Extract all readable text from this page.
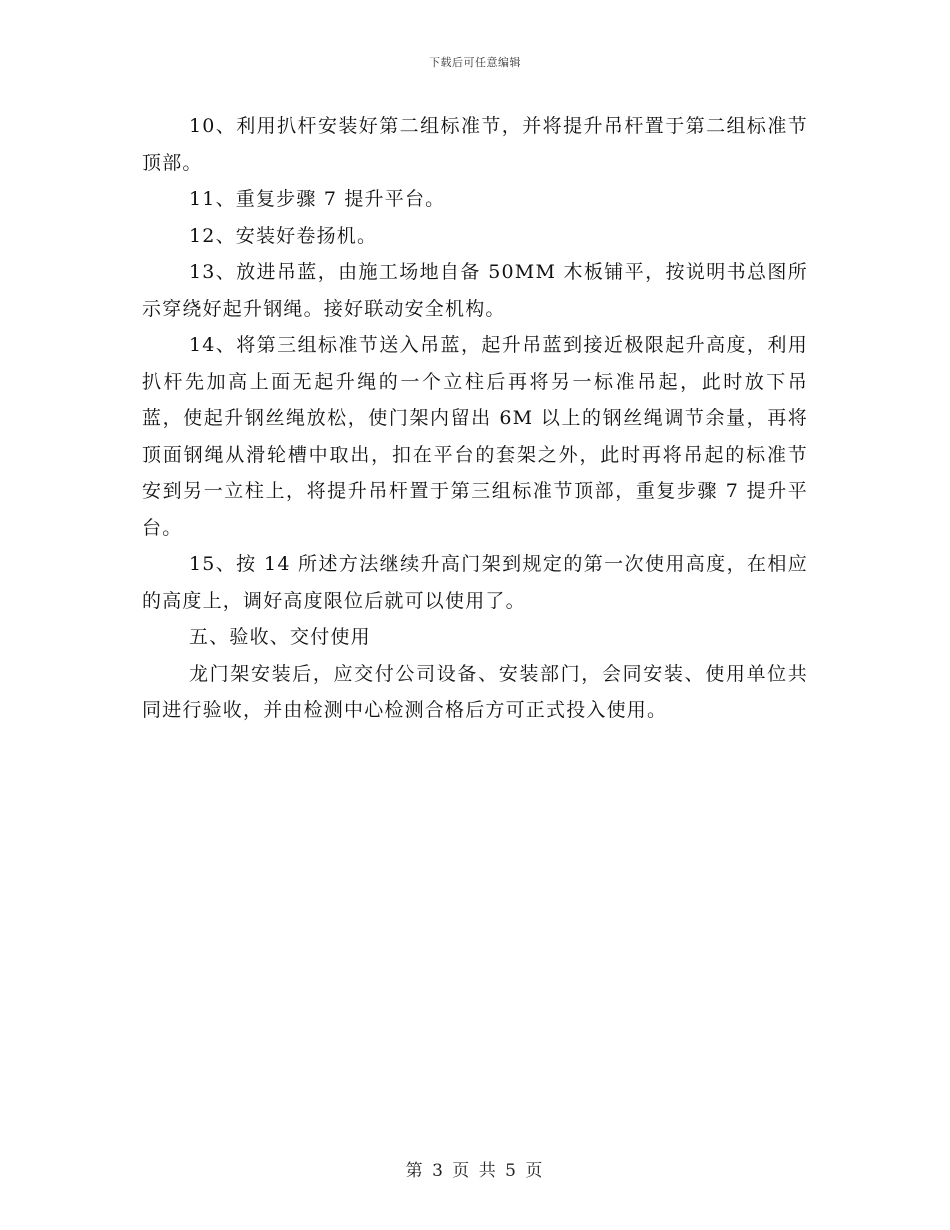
下载后可任意编辑

10、利用扒杆安装好第二组标准节，并将提升吊杆置于第二组标准节顶部。

11、重复步骤 7 提升平台。

12、安装好卷扬机。

13、放进吊蓝，由施工场地自备 50MM 木板铺平，按说明书总图所示穿绕好起升钢绳。接好联动安全机构。

14、将第三组标准节送入吊蓝，起升吊蓝到接近极限起升高度，利用扒杆先加高上面无起升绳的一个立柱后再将另一标准吊起，此时放下吊蓝，使起升钢丝绳放松，使门架内留出 6M 以上的钢丝绳调节余量，再将顶面钢绳从滑轮槽中取出，扣在平台的套架之外，此时再将吊起的标准节安到另一立柱上，将提升吊杆置于第三组标准节顶部，重复步骤 7 提升平台。

15、按 14 所述方法继续升高门架到规定的第一次使用高度，在相应的高度上，调好高度限位后就可以使用了。

五、验收、交付使用

龙门架安装后，应交付公司设备、安装部门，会同安装、使用单位共同进行验收，并由检测中心检测合格后方可正式投入使用。

第 3 页 共 5 页
